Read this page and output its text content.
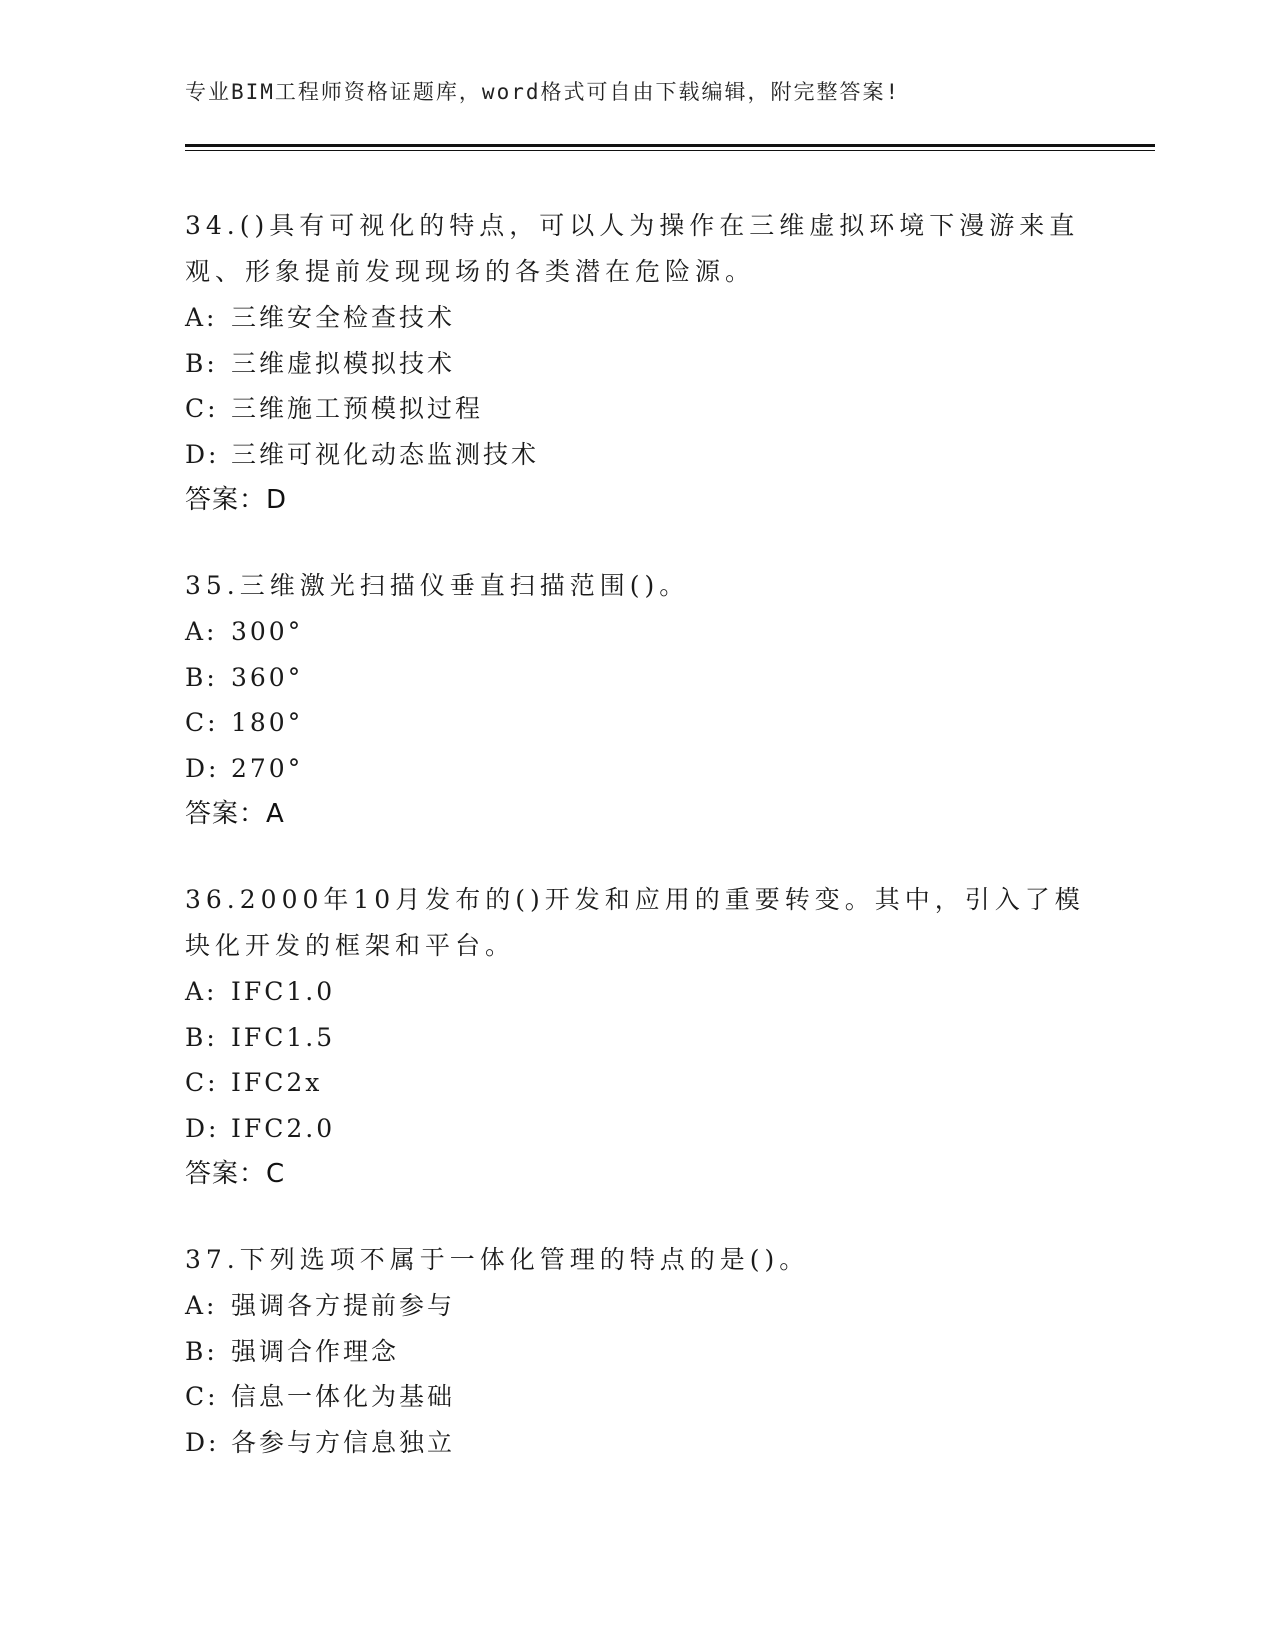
专业BIM工程师资格证题库，word格式可自由下载编辑，附完整答案!
34.()具有可视化的特点，可以人为操作在三维虚拟环境下漫游来直观、形象提前发现现场的各类潜在危险源。
A: 三维安全检查技术
B: 三维虚拟模拟技术
C: 三维施工预模拟过程
D: 三维可视化动态监测技术
答案：D
35.三维激光扫描仪垂直扫描范围()。
A: 300°
B: 360°
C: 180°
D: 270°
答案：A
36.2000年10月发布的()开发和应用的重要转变。其中，引入了模块化开发的框架和平台。
A: IFC1.0
B: IFC1.5
C: IFC2x
D: IFC2.0
答案：C
37.下列选项不属于一体化管理的特点的是()。
A: 强调各方提前参与
B: 强调合作理念
C: 信息一体化为基础
D: 各参与方信息独立
